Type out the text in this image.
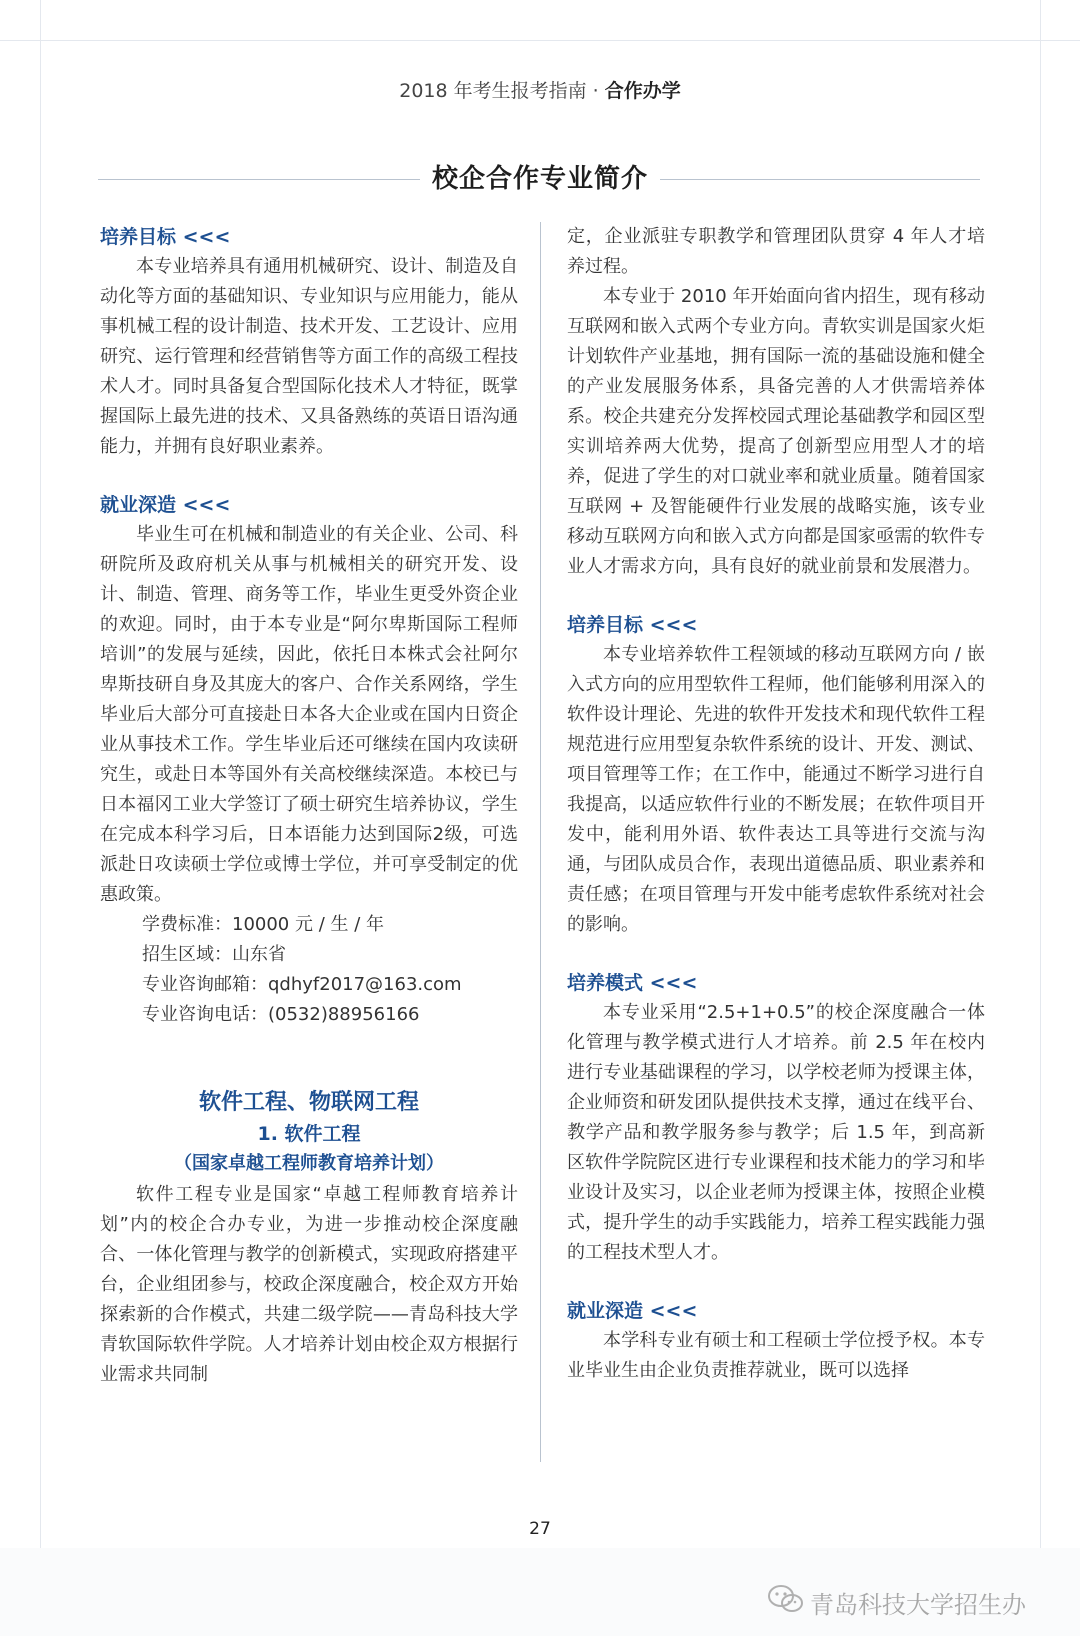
2018 年考生报考指南 · 合作办学
校企合作专业简介
培养目标 <<<

本专业培养具有通用机械研究、设计、制造及自动化等方面的基础知识、专业知识与应用能力，能从事机械工程的设计制造、技术开发、工艺设计、应用研究、运行管理和经营销售等方面工作的高级工程技术人才。同时具备复合型国际化技术人才特征，既掌握国际上最先进的技术、又具备熟练的英语日语沟通能力，并拥有良好职业素养。

就业深造 <<<

毕业生可在机械和制造业的有关企业、公司、科研院所及政府机关从事与机械相关的研究开发、设计、制造、管理、商务等工作，毕业生更受外资企业的欢迎。同时，由于本专业是“阿尔卑斯国际工程师培训”的发展与延续，因此，依托日本株式会社阿尔卑斯技研自身及其庞大的客户、合作关系网络，学生毕业后大部分可直接赴日本各大企业或在国内日资企业从事技术工作。学生毕业后还可继续在国内攻读研究生，或赴日本等国外有关高校继续深造。本校已与日本福冈工业大学签订了硕士研究生培养协议，学生在完成本科学习后，日本语能力达到国际2级，可选派赴日攻读硕士学位或博士学位，并可享受制定的优惠政策。

学费标准：10000 元 / 生 / 年
招生区域：山东省
专业咨询邮箱：qdhyf2017@163.com
专业咨询电话：(0532)88956166
软件工程、物联网工程
1. 软件工程
（国家卓越工程师教育培养计划）

软件工程专业是国家“卓越工程师教育培养计划”内的校企合办专业，为进一步推动校企深度融合、一体化管理与教学的创新模式，实现政府搭建平台，企业组团参与，校政企深度融合，校企双方开始探索新的合作模式，共建二级学院——青岛科技大学青软国际软件学院。人才培养计划由校企双方根据行业需求共同制

定，企业派驻专职教学和管理团队贯穿 4 年人才培养过程。

本专业于 2010 年开始面向省内招生，现有移动互联网和嵌入式两个专业方向。青软实训是国家火炬计划软件产业基地，拥有国际一流的基础设施和健全的产业发展服务体系，具备完善的人才供需培养体系。校企共建充分发挥校园式理论基础教学和园区型实训培养两大优势，提高了创新型应用型人才的培养，促进了学生的对口就业率和就业质量。随着国家互联网 + 及智能硬件行业发展的战略实施，该专业移动互联网方向和嵌入式方向都是国家亟需的软件专业人才需求方向，具有良好的就业前景和发展潜力。

培养目标 <<<

本专业培养软件工程领域的移动互联网方向 / 嵌入式方向的应用型软件工程师，他们能够利用深入的软件设计理论、先进的软件开发技术和现代软件工程规范进行应用型复杂软件系统的设计、开发、测试、项目管理等工作；在工作中，能通过不断学习进行自我提高，以适应软件行业的不断发展；在软件项目开发中，能利用外语、软件表达工具等进行交流与沟通，与团队成员合作，表现出道德品质、职业素养和责任感；在项目管理与开发中能考虑软件系统对社会的影响。

培养模式 <<<

本专业采用“2.5+1+0.5”的校企深度融合一体化管理与教学模式进行人才培养。前 2.5 年在校内进行专业基础课程的学习，以学校老师为授课主体，企业师资和研发团队提供技术支撑，通过在线平台、教学产品和教学服务参与教学；后 1.5 年，到高新区软件学院院区进行专业课程和技术能力的学习和毕业设计及实习，以企业老师为授课主体，按照企业模式，提升学生的动手实践能力，培养工程实践能力强的工程技术型人才。

就业深造 <<<

本学科专业有硕士和工程硕士学位授予权。本专业毕业生由企业负责推荐就业，既可以选择

27
青岛科技大学招生办
